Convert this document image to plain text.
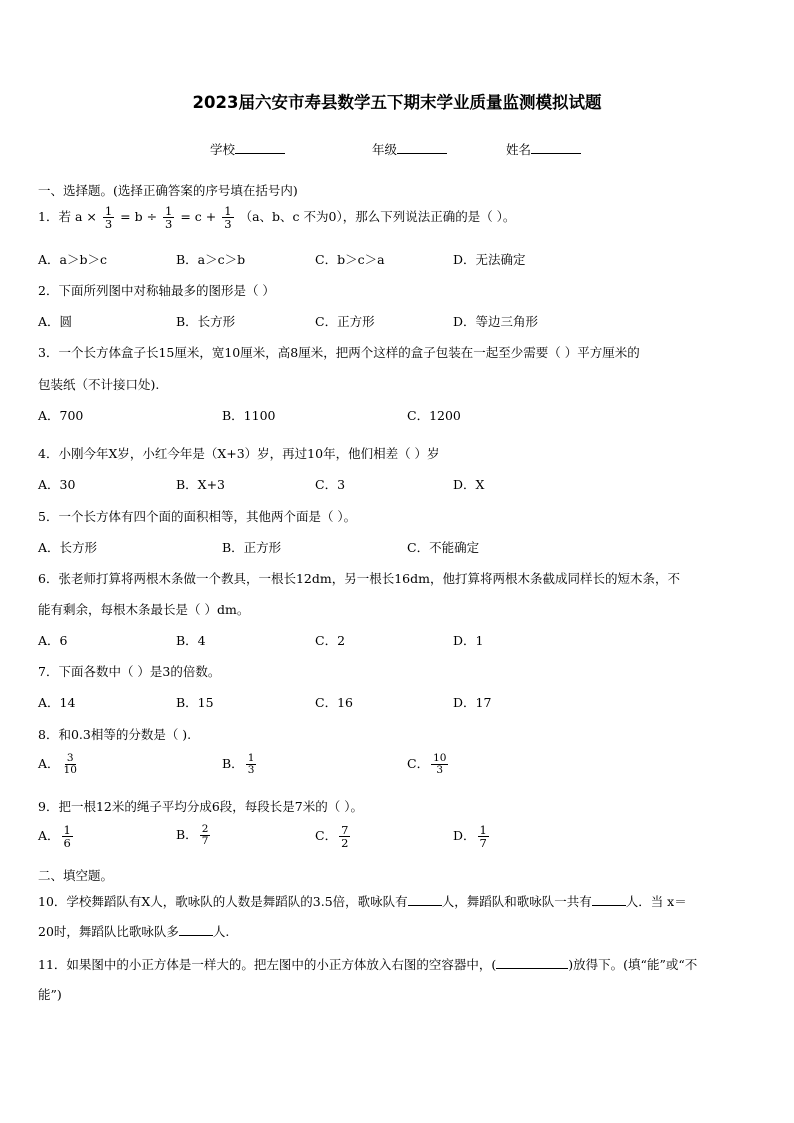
2023届六安市寿县数学五下期末学业质量监测模拟试题
学校	年级	姓名
一、选择题。(选择正确答案的序号填在括号内)
1．若 $a \times \frac{1}{3} = b \div \frac{1}{3} = c + \frac{1}{3} (a$、b、c 不为0），那么下列说法正确的是（ ）。
A．a＞b＞c	B．a＞c＞b	C．b＞c＞a	D．无法确定
2．下面所列图中对称轴最多的图形是（ ）
A．圆	B．长方形	C．正方形	D．等边三角形
3．一个长方体盒子长15厘米，宽10厘米，高8厘米，把两个这样的盒子包装在一起至少需要（ ）平方厘米的
包装纸（不计接口处).
A．700	B．1100	C．1200
4．小刚今年X岁，小红今年是（X+3）岁，再过10年，他们相差（ ）岁
A．30	B．X+3	C．3	D．X
5．一个长方体有四个面的面积相等，其他两个面是（ ）。
A．长方形	B．正方形	C．不能确定
6．张老师打算将两根木条做一个教具，一根长12dm，另一根长16dm，他打算将两根木条截成同样长的短木条，不
能有剩余，每根木条最长是（ ）dm。
A．6	B．4	C．2	D．1
7．下面各数中（ ）是3的倍数。
A．14	B．15	C．16	D．17
8．和0.3相等的分数是（ ).
A． $\frac{3}{10}$	B． $\frac{1}{3}$	C． $\frac{10}{3}$
9．把一根12米的绳子平均分成6段，每段长是7米的（ ）。
A． $\frac{1}{6}$	B． $\frac{2}{7}$	C． $\frac{7}{2}$	D． $\frac{1}{7}$
二、填空题。
10．学校舞蹈队有X人，歌咏队的人数是舞蹈队的3.5倍，歌咏队有	人，舞蹈队和歌咏队一共有	人．当 x＝
20时，舞蹈队比歌咏队多	人.
11．如果图中的小正方体是一样大的。把左图中的小正方体放入右图的空容器中，(	)放得下。(填“能”或“不
能”)
